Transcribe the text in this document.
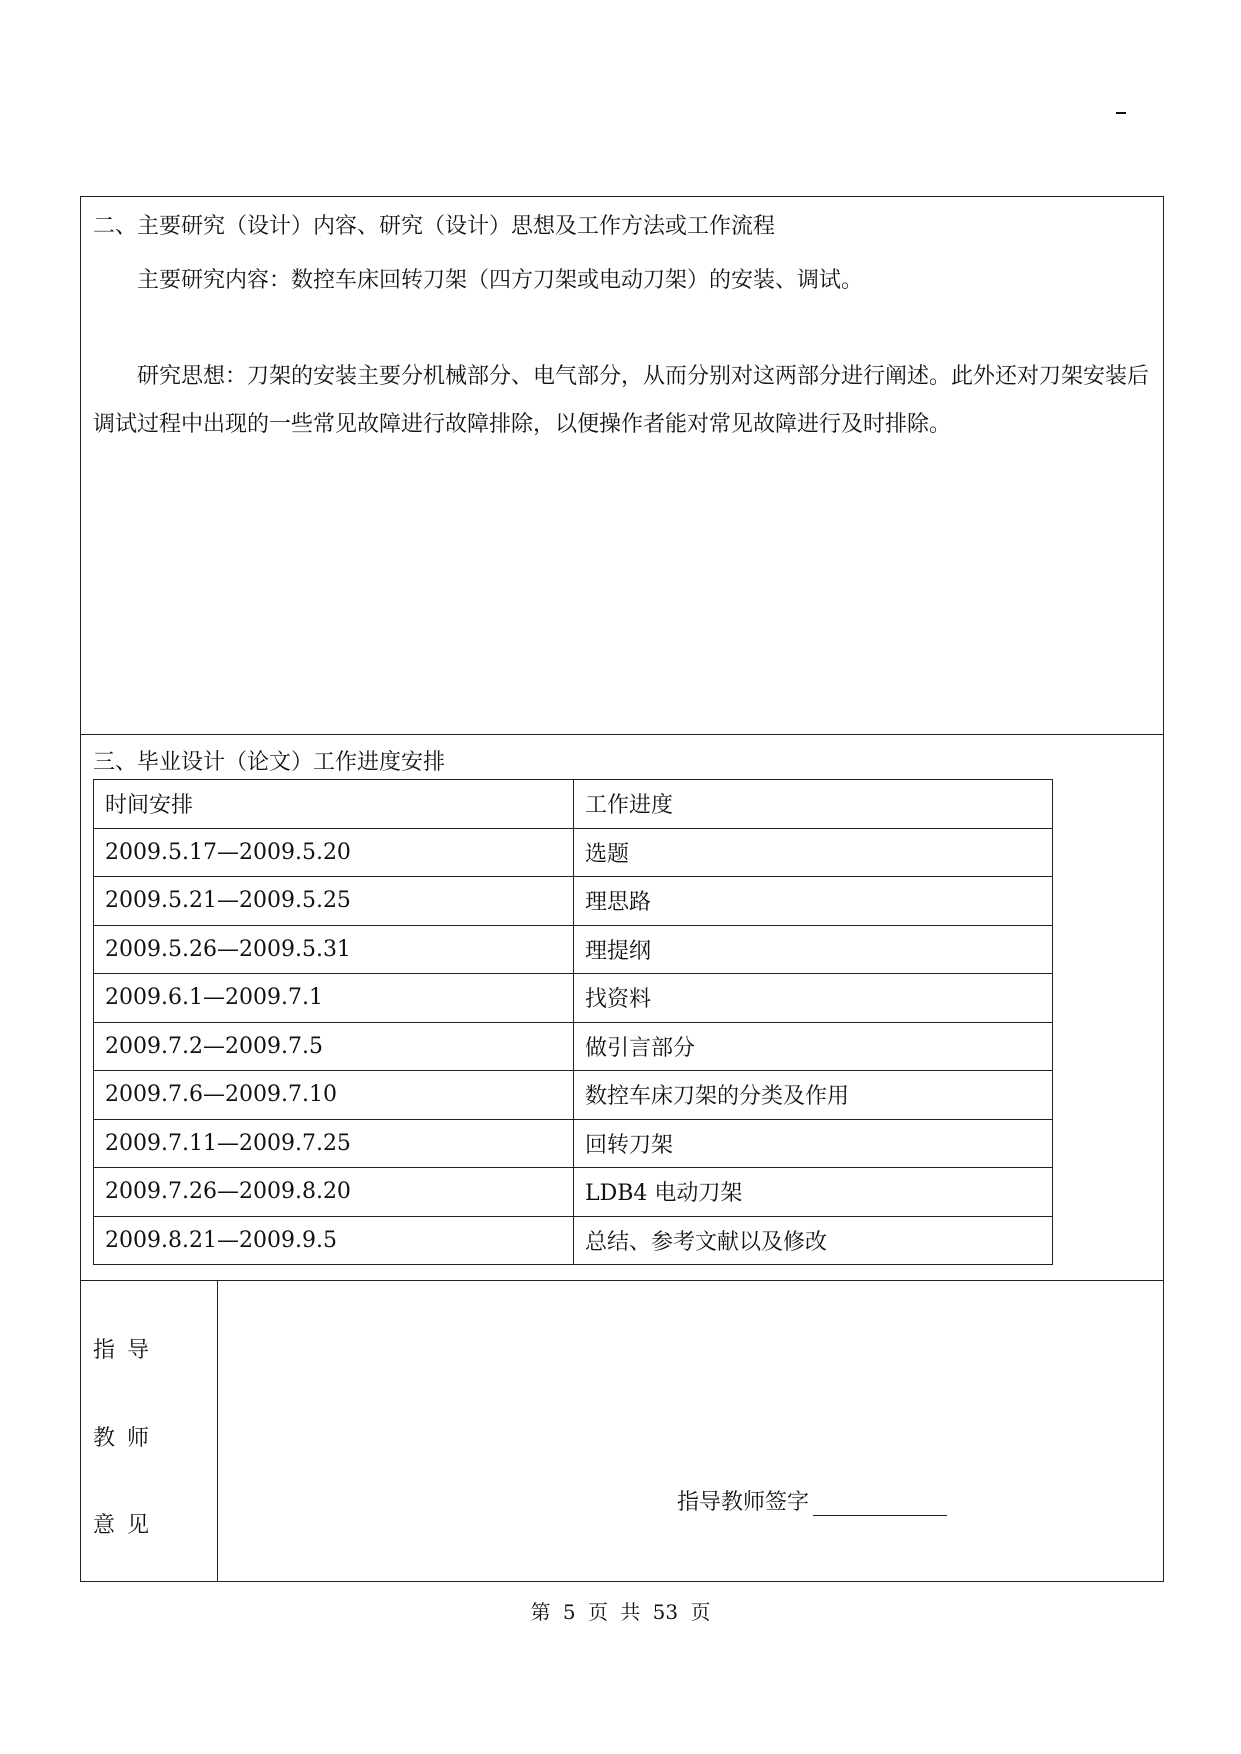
二、主要研究（设计）内容、研究（设计）思想及工作方法或工作流程
主要研究内容：数控车床回转刀架（四方刀架或电动刀架）的安装、调试。
研究思想：刀架的安装主要分机械部分、电气部分，从而分别对这两部分进行阐述。此外还对刀架安装后调试过程中出现的一些常见故障进行故障排除，以便操作者能对常见故障进行及时排除。
三、毕业设计（论文）工作进度安排
时间安排	工作进度
2009.5.17—2009.5.20	选题
2009.5.21—2009.5.25	理思路
2009.5.26—2009.5.31	理提纲
2009.6.1—2009.7.1	找资料
2009.7.2—2009.7.5	做引言部分
2009.7.6—2009.7.10	数控车床刀架的分类及作用
2009.7.11—2009.7.25	回转刀架
2009.7.26—2009.8.20	LDB4 电动刀架
2009.8.21—2009.9.5	总结、参考文献以及修改
指导
教师
意见
指导教师签字
第 5 页 共 53 页
